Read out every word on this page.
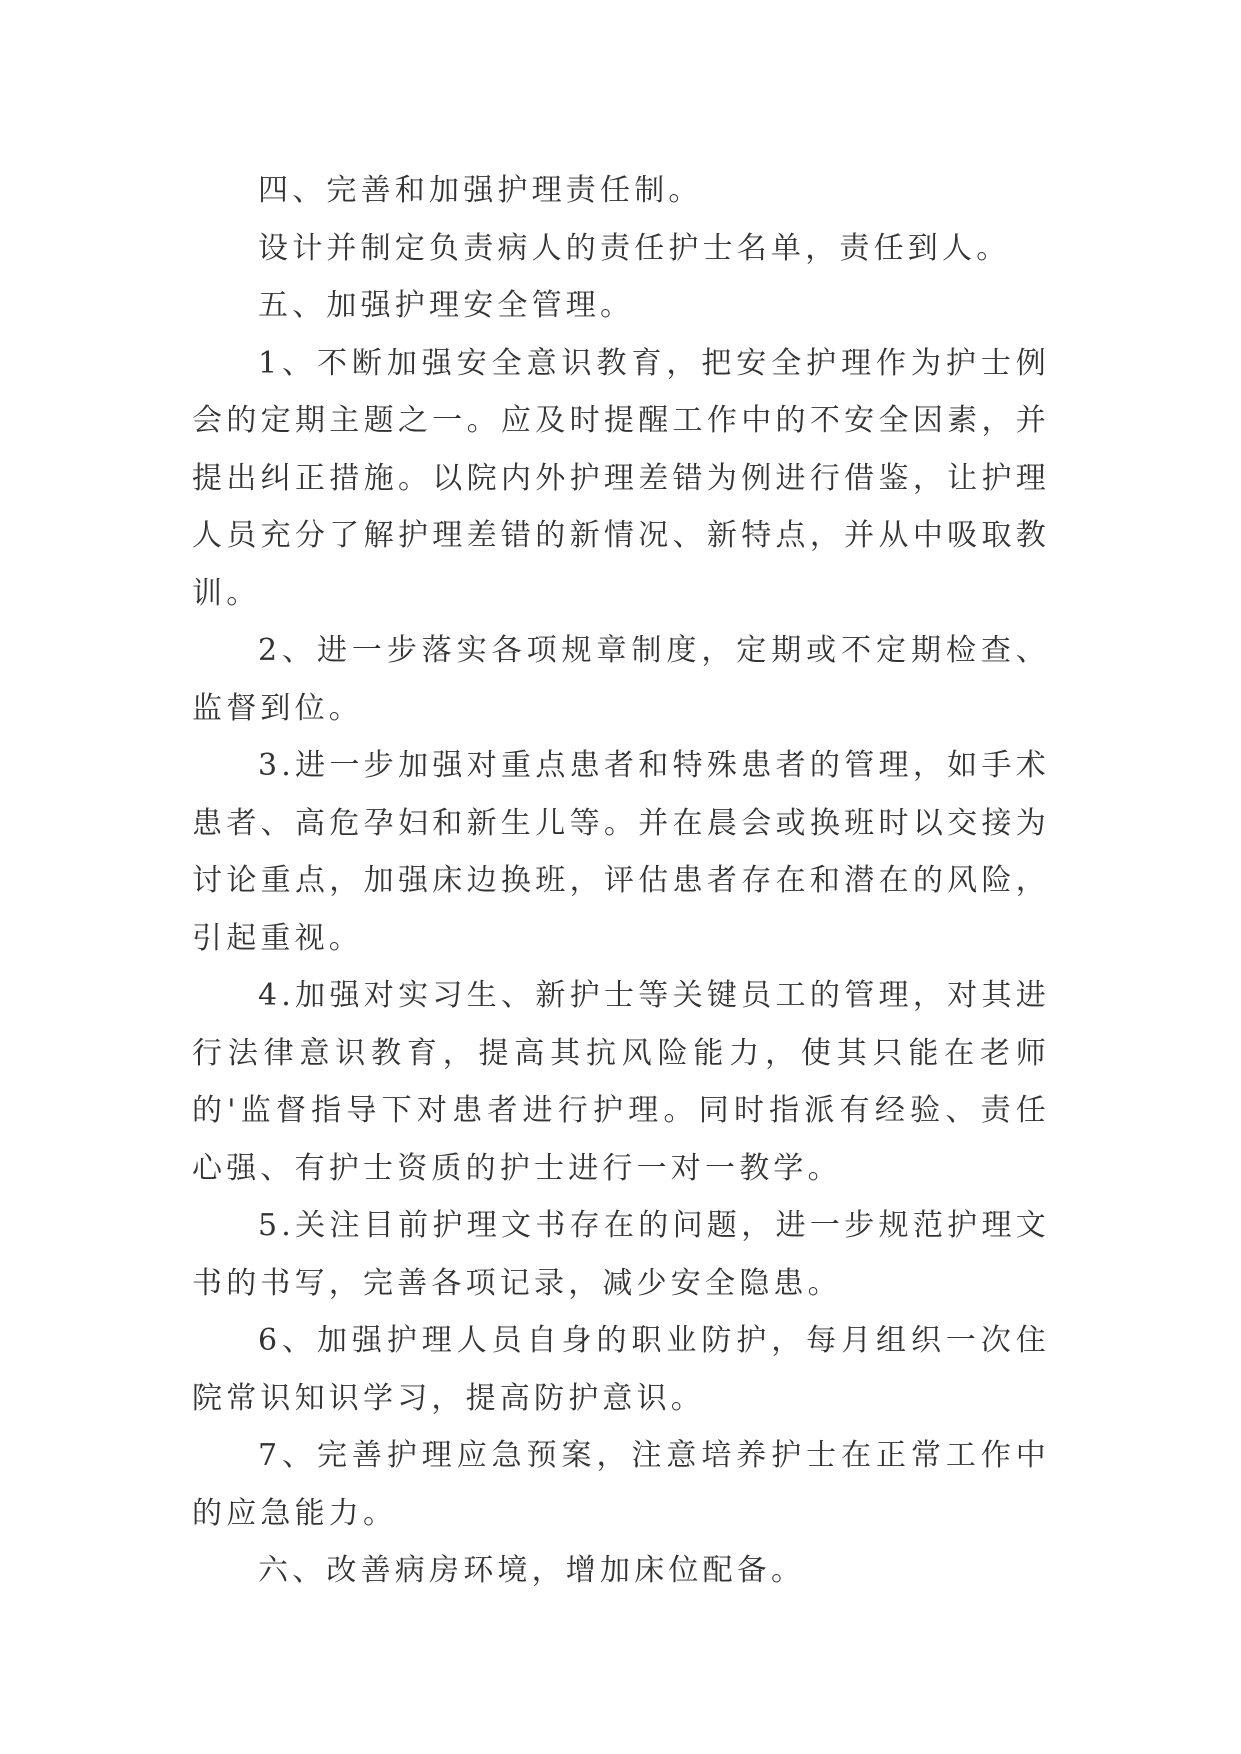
四、完善和加强护理责任制。

设计并制定负责病人的责任护士名单，责任到人。

五、加强护理安全管理。

1、不断加强安全意识教育，把安全护理作为护士例会的定期主题之一。应及时提醒工作中的不安全因素，并提出纠正措施。以院内外护理差错为例进行借鉴，让护理人员充分了解护理差错的新情况、新特点，并从中吸取教训。

2、进一步落实各项规章制度，定期或不定期检查、监督到位。

3.进一步加强对重点患者和特殊患者的管理，如手术患者、高危孕妇和新生儿等。并在晨会或换班时以交接为讨论重点，加强床边换班，评估患者存在和潜在的风险，引起重视。

4.加强对实习生、新护士等关键员工的管理，对其进行法律意识教育，提高其抗风险能力，使其只能在老师的'监督指导下对患者进行护理。同时指派有经验、责任心强、有护士资质的护士进行一对一教学。

5.关注目前护理文书存在的问题，进一步规范护理文书的书写，完善各项记录，减少安全隐患。

6、加强护理人员自身的职业防护，每月组织一次住院常识知识学习，提高防护意识。

7、完善护理应急预案，注意培养护士在正常工作中的应急能力。

六、改善病房环境，增加床位配备。
